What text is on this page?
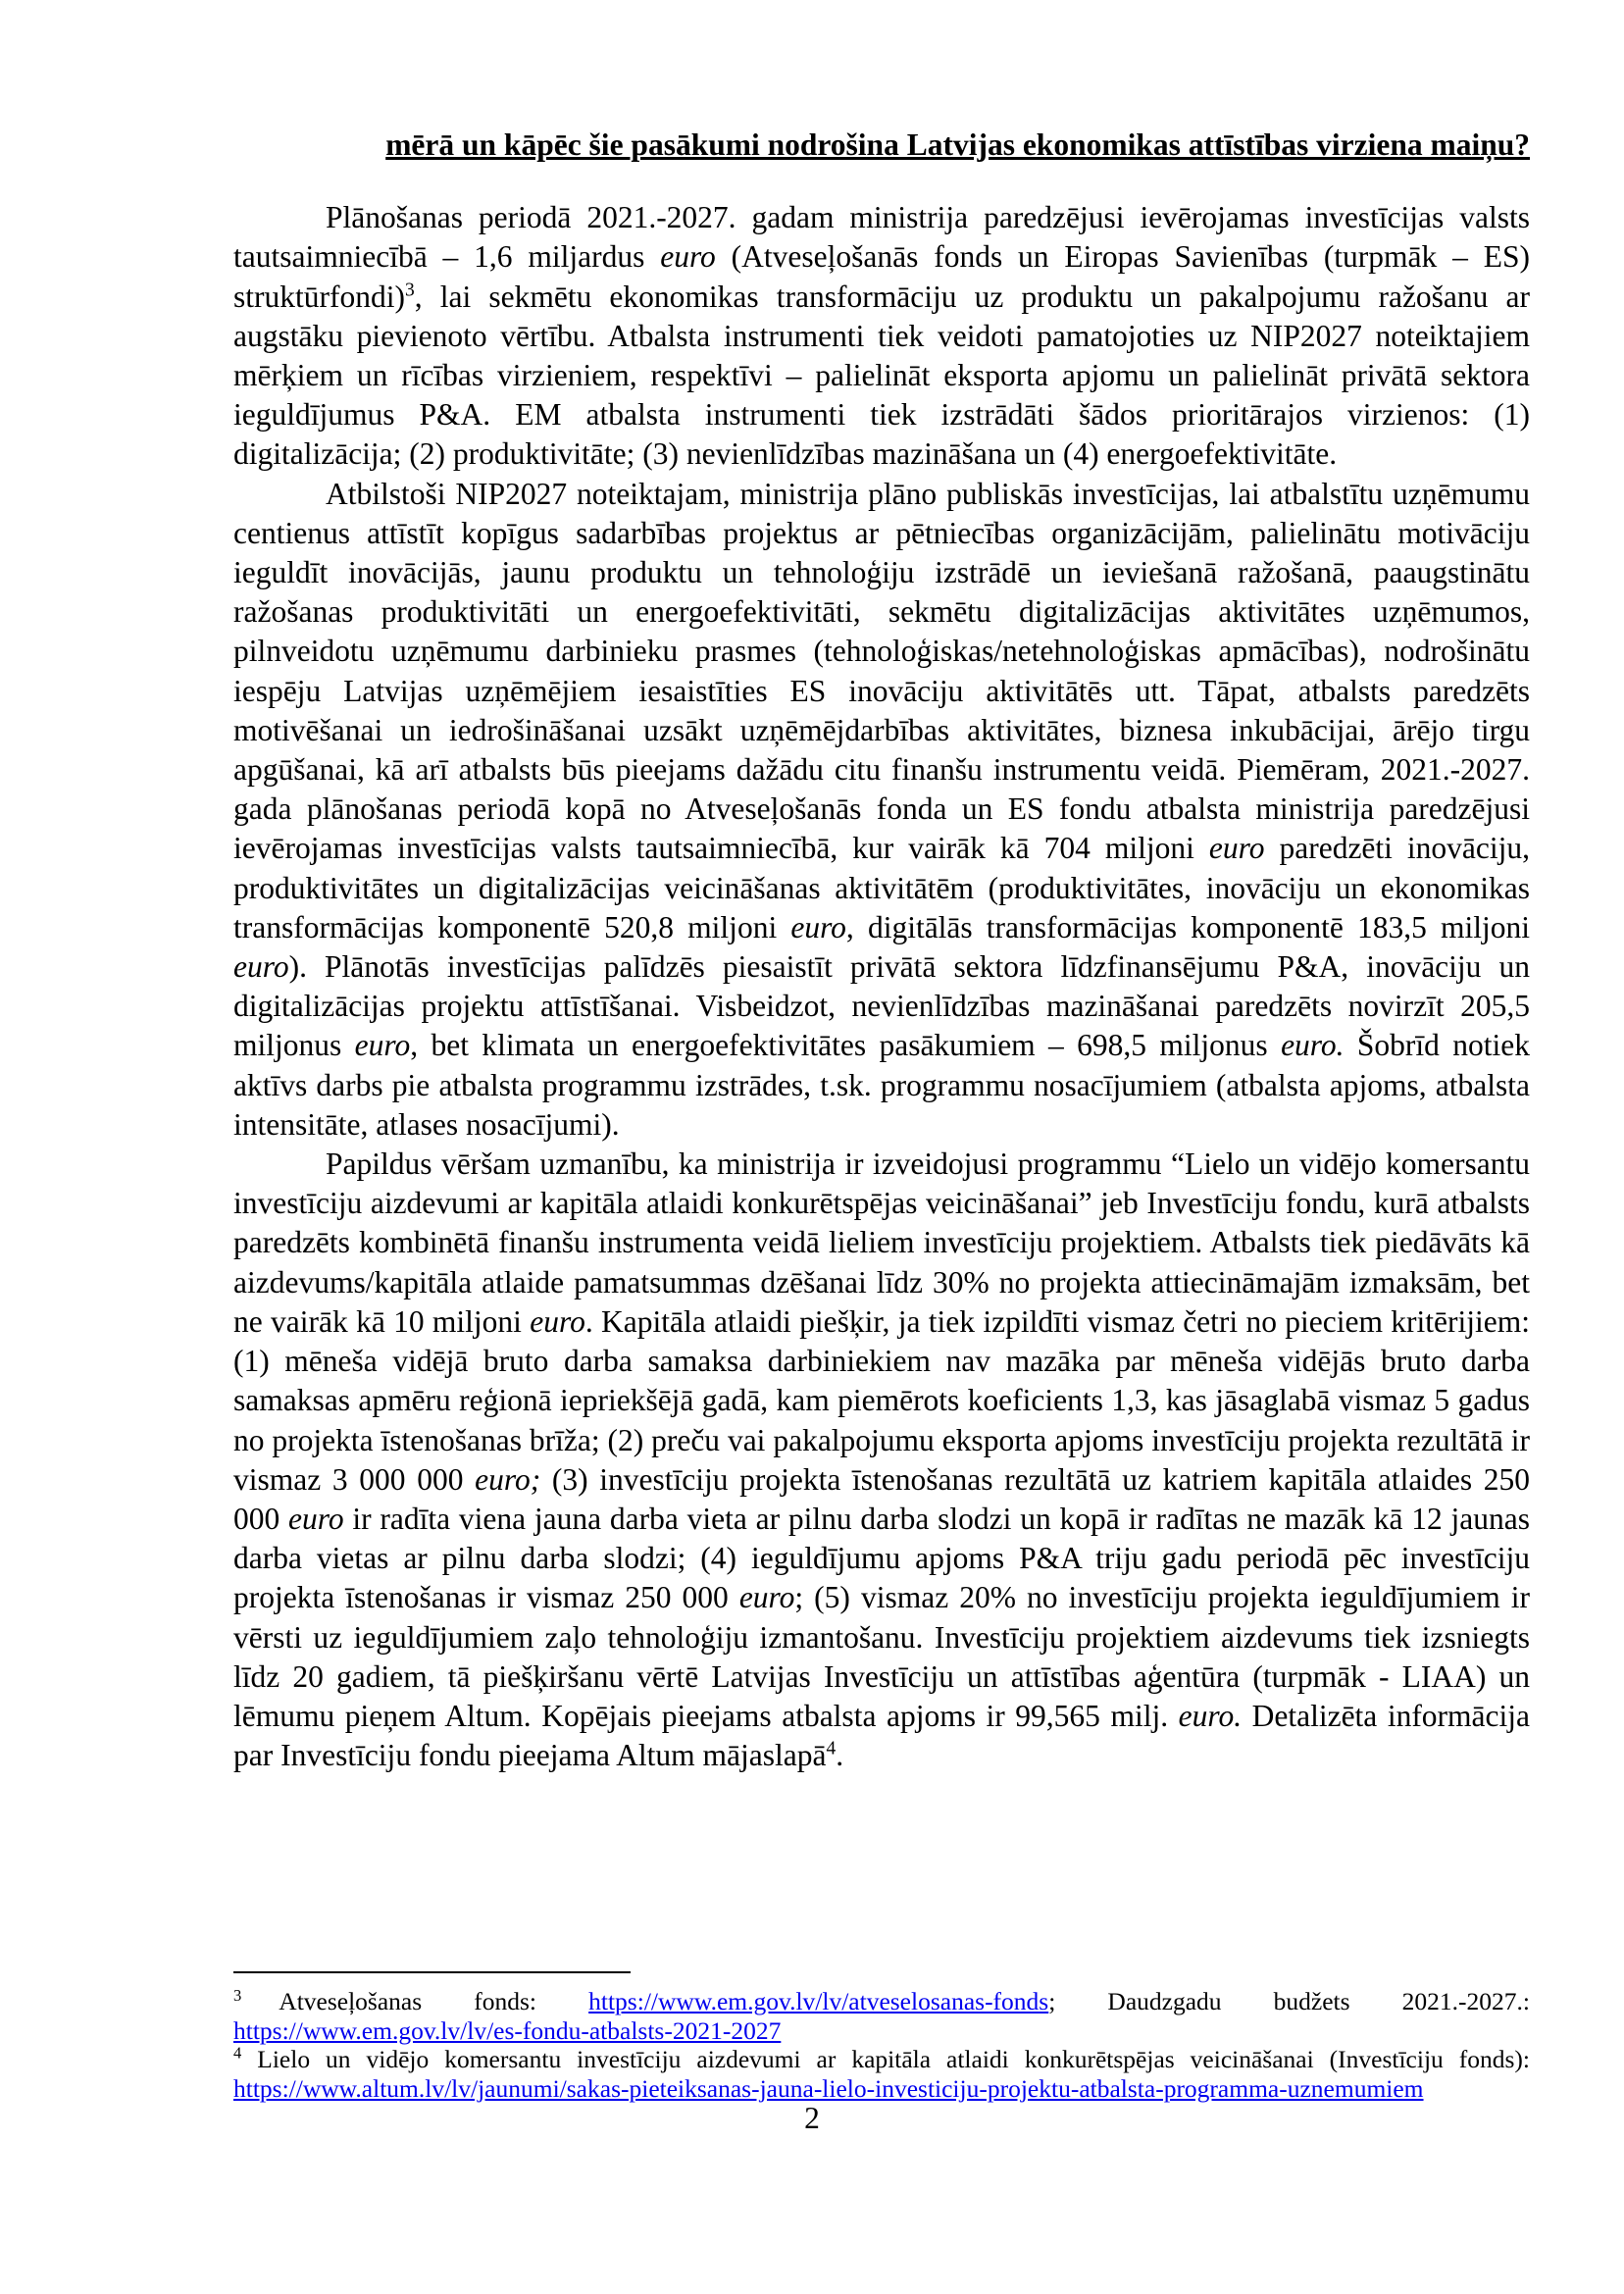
mērā un kāpēc šie pasākumi nodrošina Latvijas ekonomikas attīstības virziena maiņu?

Plānošanas periodā 2021.-2027. gadam ministrija paredzējusi ievērojamas investīcijas valsts tautsaimniecībā – 1,6 miljardus euro (Atveseļošanās fonds un Eiropas Savienības (turpmāk – ES) struktūrfondi)$^3$, lai sekmētu ekonomikas transformāciju uz produktu un pakalpojumu ražošanu ar augstāku pievienoto vērtību. Atbalsta instrumenti tiek veidoti pamatojoties uz NIP2027 noteiktajiem mērķiem un rīcības virzieniem, respektīvi – palielināt eksporta apjomu un palielināt privātā sektora ieguldījumus P&A. EM atbalsta instrumenti tiek izstrādāti šādos prioritārajos virzienos: (1) digitalizācija; (2) produktivitāte; (3) nevienlīdzības mazināšana un (4) energoefektivitāte.

Atbilstoši NIP2027 noteiktajam, ministrija plāno publiskās investīcijas, lai atbalstītu uzņēmumu centienus attīstīt kopīgus sadarbības projektus ar pētniecības organizācijām, palielinātu motivāciju ieguldīt inovācijās, jaunu produktu un tehnoloģiju izstrādē un ieviešanā ražošanā, paaugstinātu ražošanas produktivitāti un energoefektivitāti, sekmētu digitalizācijas aktivitātes uzņēmumos, pilnveidotu uzņēmumu darbinieku prasmes (tehnoloģiskas/netehnoloģiskas apmācības), nodrošinātu iespēju Latvijas uzņēmējiem iesaistīties ES inovāciju aktivitātēs utt. Tāpat, atbalsts paredzēts motivēšanai un iedrošināšanai uzsākt uzņēmējdarbības aktivitātes, biznesa inkubācijai, ārējo tirgu apgūšanai, kā arī atbalsts būs pieejams dažādu citu finanšu instrumentu veidā. Piemēram, 2021.-2027. gada plānošanas periodā kopā no Atveseļošanās fonda un ES fondu atbalsta ministrija paredzējusi ievērojamas investīcijas valsts tautsaimniecībā, kur vairāk kā 704 miljoni euro paredzēti inovāciju, produktivitātes un digitalizācijas veicināšanas aktivitātēm (produktivitātes, inovāciju un ekonomikas transformācijas komponentē 520,8 miljoni euro, digitālās transformācijas komponentē 183,5 miljoni euro). Plānotās investīcijas palīdzēs piesaistīt privātā sektora līdzfinansējumu P&A, inovāciju un digitalizācijas projektu attīstīšanai. Visbeidzot, nevienlīdzības mazināšanai paredzēts novirzīt 205,5 miljonus euro, bet klimata un energoefektivitātes pasākumiem – 698,5 miljonus euro. Šobrīd notiek aktīvs darbs pie atbalsta programmu izstrādes, t.sk. programmu nosacījumiem (atbalsta apjoms, atbalsta intensitāte, atlases nosacījumi).

Papildus vēršam uzmanību, ka ministrija ir izveidojusi programmu “Lielo un vidējo komersantu investīciju aizdevumi ar kapitāla atlaidi konkurētspējas veicināšanai” jeb Investīciju fondu, kurā atbalsts paredzēts kombinētā finanšu instrumenta veidā lieliem investīciju projektiem. Atbalsts tiek piedāvāts kā aizdevums/kapitāla atlaide pamatsummas dzēšanai līdz 30% no projekta attiecināmajām izmaksām, bet ne vairāk kā 10 miljoni euro. Kapitāla atlaidi piešķir, ja tiek izpildīti vismaz četri no pieciem kritērijiem: (1) mēneša vidējā bruto darba samaksa darbiniekiem nav mazāka par mēneša vidējās bruto darba samaksas apmēru reģionā iepriekšējā gadā, kam piemērots koeficients 1,3, kas jāsaglabā vismaz 5 gadus no projekta īstenošanas brīža; (2) preču vai pakalpojumu eksporta apjoms investīciju projekta rezultātā ir vismaz 3 000 000 euro; (3) investīciju projekta īstenošanas rezultātā uz katriem kapitāla atlaides 250 000 euro ir radīta viena jauna darba vieta ar pilnu darba slodzi un kopā ir radītas ne mazāk kā 12 jaunas darba vietas ar pilnu darba slodzi; (4) ieguldījumu apjoms P&A triju gadu periodā pēc investīciju projekta īstenošanas ir vismaz 250 000 euro; (5) vismaz 20% no investīciju projekta ieguldījumiem ir vērsti uz ieguldījumiem zaļo tehnoloģiju izmantošanu. Investīciju projektiem aizdevums tiek izsniegts līdz 20 gadiem, tā piešķiršanu vērtē Latvijas Investīciju un attīstības aģentūra (turpmāk - LIAA) un lēmumu pieņem Altum. Kopējais pieejams atbalsta apjoms ir 99,565 milj. euro. Detalizēta informācija par Investīciju fondu pieejama Altum mājaslapā$^4$.

$^3$ Atveseļošanas fonds: https://www.em.gov.lv/lv/atveselosanas-fonds; Daudzgadu budžets 2021.-2027.: https://www.em.gov.lv/lv/es-fondu-atbalsts-2021-2027

$^4$ Lielo un vidējo komersantu investīciju aizdevumi ar kapitāla atlaidi konkurētspējas veicināšanai (Investīciju fonds): https://www.altum.lv/lv/jaunumi/sakas-pieteiksanas-jauna-lielo-investiciju-projektu-atbalsta-programma-uznemumiem

2
